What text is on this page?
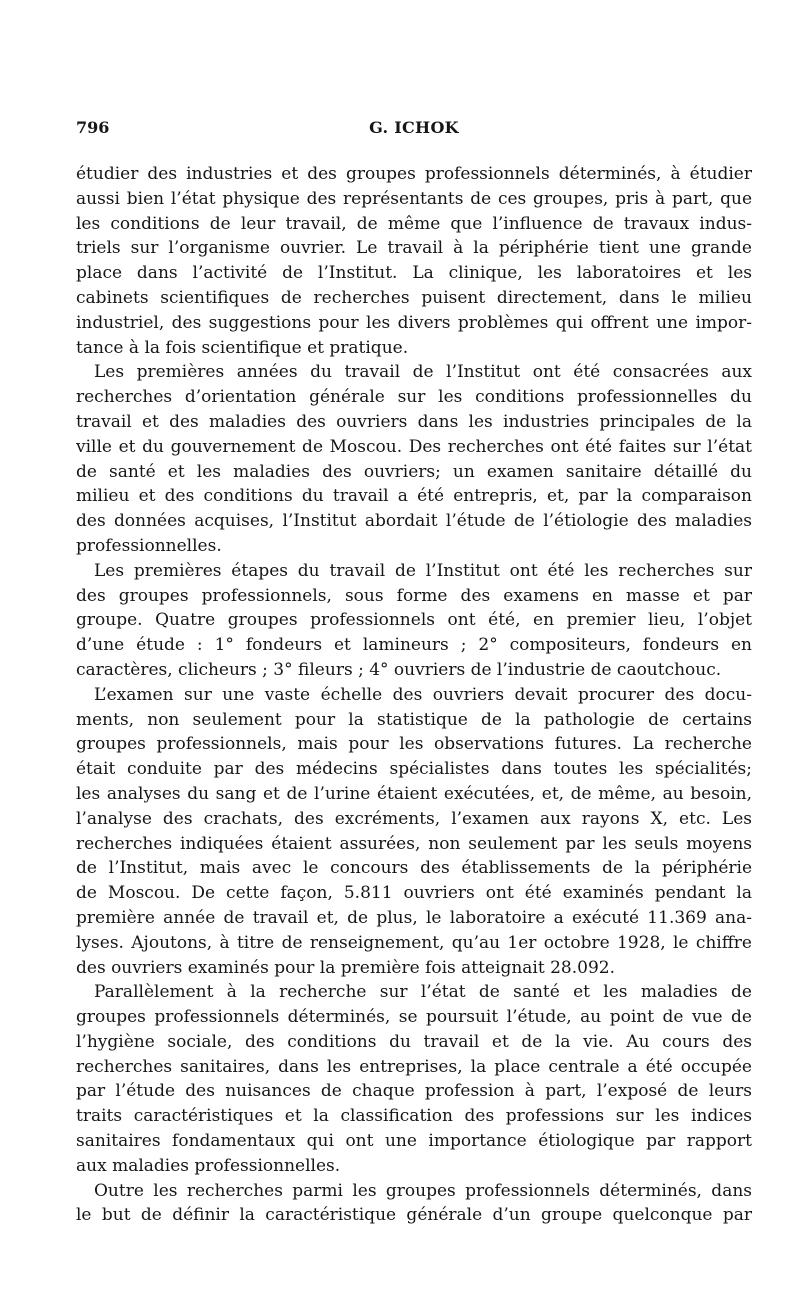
796	G. ICHOK
étudier des industries et des groupes professionnels déterminés, à étudier
aussi bien l’état physique des représentants de ces groupes, pris à part, que
les conditions de leur travail, de même que l’influence de travaux indus-
triels sur l’organisme ouvrier. Le travail à la périphérie tient une grande
place dans l’activité de l’Institut. La clinique, les laboratoires et les
cabinets scientifiques de recherches puisent directement, dans le milieu
industriel, des suggestions pour les divers problèmes qui offrent une impor-
tance à la fois scientifique et pratique.
Les premières années du travail de l’Institut ont été consacrées aux
recherches d’orientation générale sur les conditions professionnelles du
travail et des maladies des ouvriers dans les industries principales de la
ville et du gouvernement de Moscou. Des recherches ont été faites sur l’état
de santé et les maladies des ouvriers; un examen sanitaire détaillé du
milieu et des conditions du travail a été entrepris, et, par la comparaison
des données acquises, l’Institut abordait l’étude de l’étiologie des maladies
professionnelles.
Les premières étapes du travail de l’Institut ont été les recherches sur
des groupes professionnels, sous forme des examens en masse et par
groupe. Quatre groupes professionnels ont été, en premier lieu, l’objet
d’une étude : 1° fondeurs et lamineurs ; 2° compositeurs, fondeurs en
caractères, clicheurs ; 3° fileurs ; 4° ouvriers de l’industrie de caoutchouc.
L’examen sur une vaste échelle des ouvriers devait procurer des docu-
ments, non seulement pour la statistique de la pathologie de certains
groupes professionnels, mais pour les observations futures. La recherche
était conduite par des médecins spécialistes dans toutes les spécialités;
les analyses du sang et de l’urine étaient exécutées, et, de même, au besoin,
l’analyse des crachats, des excréments, l’examen aux rayons X, etc. Les
recherches indiquées étaient assurées, non seulement par les seuls moyens
de l’Institut, mais avec le concours des établissements de la périphérie
de Moscou. De cette façon, 5.811 ouvriers ont été examinés pendant la
première année de travail et, de plus, le laboratoire a exécuté 11.369 ana-
lyses. Ajoutons, à titre de renseignement, qu’au 1er octobre 1928, le chiffre
des ouvriers examinés pour la première fois atteignait 28.092.
Parallèlement à la recherche sur l’état de santé et les maladies de
groupes professionnels déterminés, se poursuit l’étude, au point de vue de
l’hygiène sociale, des conditions du travail et de la vie. Au cours des
recherches sanitaires, dans les entreprises, la place centrale a été occupée
par l’étude des nuisances de chaque profession à part, l’exposé de leurs
traits caractéristiques et la classification des professions sur les indices
sanitaires fondamentaux qui ont une importance étiologique par rapport
aux maladies professionnelles.
Outre les recherches parmi les groupes professionnels déterminés, dans
le but de définir la caractéristique générale d’un groupe quelconque par
